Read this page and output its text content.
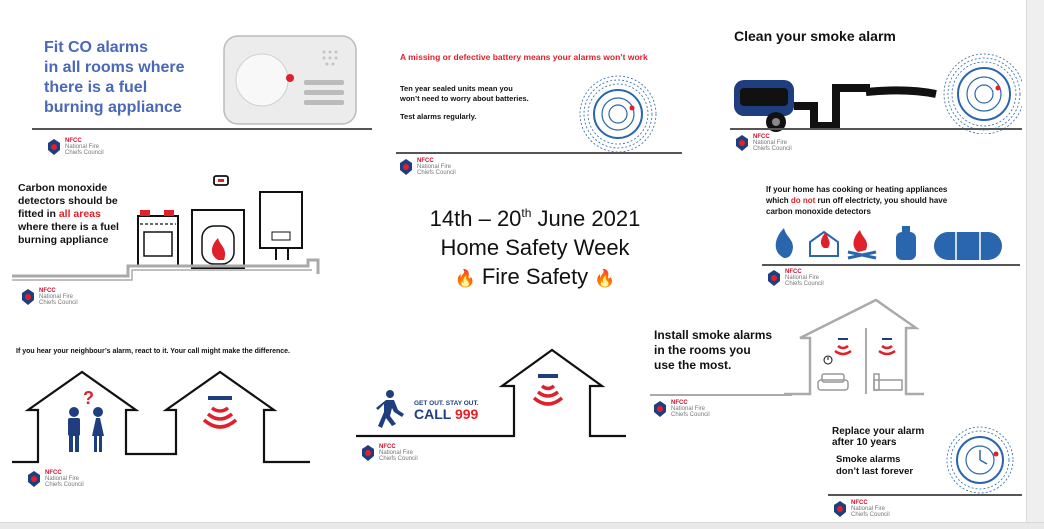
Fit CO alarms
in all rooms where
there is a fuel
burning appliance
NFCC
National Fire
Chiefs Council
A missing or defective battery means your alarms won’t work
Ten year sealed units mean you
won’t need to worry about batteries.
Test alarms regularly.
NFCC
National Fire
Chiefs Council
Clean your smoke alarm
NFCC
National Fire
Chiefs Council
Carbon monoxide
detectors should be
fitted in all areas
where there is a fuel
burning appliance
NFCC
National Fire
Chiefs Council
14th – 20th June 2021
Home Safety Week
🔥 Fire Safety 🔥
If your home has cooking or heating appliances
which do not run off electricty, you should have
carbon monoxide detectors
NFCC
National Fire
Chiefs Council
If you hear your neighbour’s alarm, react to it. Your call might make the difference.
?
NFCC
National Fire
Chiefs Council
GET OUT. STAY OUT.
CALL 999
NFCC
National Fire
Chiefs Council
Install smoke alarms
in the rooms you
use the most.
NFCC
National Fire
Chiefs Council
Replace your alarm
after 10 years
Smoke alarms
don’t last forever
NFCC
National Fire
Chiefs Council
